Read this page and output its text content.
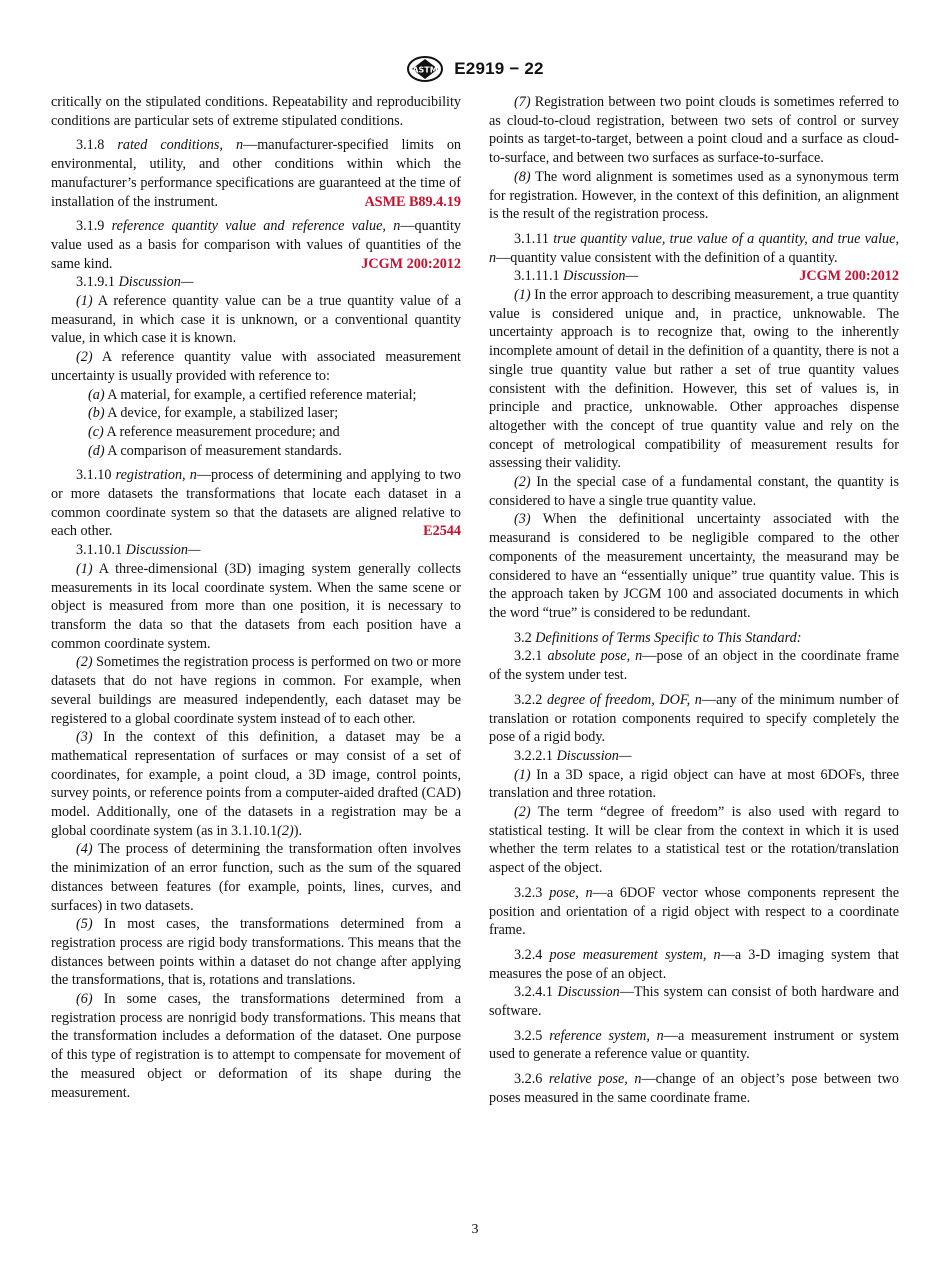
ASTM E2919 − 22

critically on the stipulated conditions. Repeatability and reproducibility conditions are particular sets of extreme stipulated conditions.

3.1.8 rated conditions, n—manufacturer-specified limits on environmental, utility, and other conditions within which the manufacturer’s performance specifications are guaranteed at the time of installation of the instrument.	ASME B89.4.19

3.1.9 reference quantity value and reference value, n—quantity value used as a basis for comparison with values of quantities of the same kind.	JCGM 200:2012

3.1.9.1 Discussion—

(1) A reference quantity value can be a true quantity value of a measurand, in which case it is unknown, or a conventional quantity value, in which case it is known.

(2) A reference quantity value with associated measurement uncertainty is usually provided with reference to:

(a) A material, for example, a certified reference material;

(b) A device, for example, a stabilized laser;

(c) A reference measurement procedure; and

(d) A comparison of measurement standards.

3.1.10 registration, n—process of determining and applying to two or more datasets the transformations that locate each dataset in a common coordinate system so that the datasets are aligned relative to each other.	E2544

3.1.10.1 Discussion—

(1) A three-dimensional (3D) imaging system generally collects measurements in its local coordinate system. When the same scene or object is measured from more than one position, it is necessary to transform the data so that the datasets from each position have a common coordinate system.

(2) Sometimes the registration process is performed on two or more datasets that do not have regions in common. For example, when several buildings are measured independently, each dataset may be registered to a global coordinate system instead of to each other.

(3) In the context of this definition, a dataset may be a mathematical representation of surfaces or may consist of a set of coordinates, for example, a point cloud, a 3D image, control points, survey points, or reference points from a computer-aided drafted (CAD) model. Additionally, one of the datasets in a registration may be a global coordinate system (as in 3.1.10.1(2)).

(4) The process of determining the transformation often involves the minimization of an error function, such as the sum of the squared distances between features (for example, points, lines, curves, and surfaces) in two datasets.

(5) In most cases, the transformations determined from a registration process are rigid body transformations. This means that the distances between points within a dataset do not change after applying the transformations, that is, rotations and translations.

(6) In some cases, the transformations determined from a registration process are nonrigid body transformations. This means that the transformation includes a deformation of the dataset. One purpose of this type of registration is to attempt to compensate for movement of the measured object or deformation of its shape during the measurement.

(7) Registration between two point clouds is sometimes referred to as cloud-to-cloud registration, between two sets of control or survey points as target-to-target, between a point cloud and a surface as cloud-to-surface, and between two surfaces as surface-to-surface.

(8) The word alignment is sometimes used as a synonymous term for registration. However, in the context of this definition, an alignment is the result of the registration process.

3.1.11 true quantity value, true value of a quantity, and true value, n—quantity value consistent with the definition of a quantity.
JCGM 200:2012

3.1.11.1 Discussion—

(1) In the error approach to describing measurement, a true quantity value is considered unique and, in practice, unknowable. The uncertainty approach is to recognize that, owing to the inherently incomplete amount of detail in the definition of a quantity, there is not a single true quantity value but rather a set of true quantity values consistent with the definition. However, this set of values is, in principle and practice, unknowable. Other approaches dispense altogether with the concept of true quantity value and rely on the concept of metrological compatibility of measurement results for assessing their validity.

(2) In the special case of a fundamental constant, the quantity is considered to have a single true quantity value.

(3) When the definitional uncertainty associated with the measurand is considered to be negligible compared to the other components of the measurement uncertainty, the measurand may be considered to have an “essentially unique” true quantity value. This is the approach taken by JCGM 100 and associated documents in which the word “true” is considered to be redundant.

3.2 Definitions of Terms Specific to This Standard:

3.2.1 absolute pose, n—pose of an object in the coordinate frame of the system under test.

3.2.2 degree of freedom, DOF, n—any of the minimum number of translation or rotation components required to specify completely the pose of a rigid body.

3.2.2.1 Discussion—

(1) In a 3D space, a rigid object can have at most 6DOFs, three translation and three rotation.

(2) The term “degree of freedom” is also used with regard to statistical testing. It will be clear from the context in which it is used whether the term relates to a statistical test or the rotation/translation aspect of the object.

3.2.3 pose, n—a 6DOF vector whose components represent the position and orientation of a rigid object with respect to a coordinate frame.

3.2.4 pose measurement system, n—a 3-D imaging system that measures the pose of an object.

3.2.4.1 Discussion—This system can consist of both hardware and software.

3.2.5 reference system, n—a measurement instrument or system used to generate a reference value or quantity.

3.2.6 relative pose, n—change of an object’s pose between two poses measured in the same coordinate frame.

3
